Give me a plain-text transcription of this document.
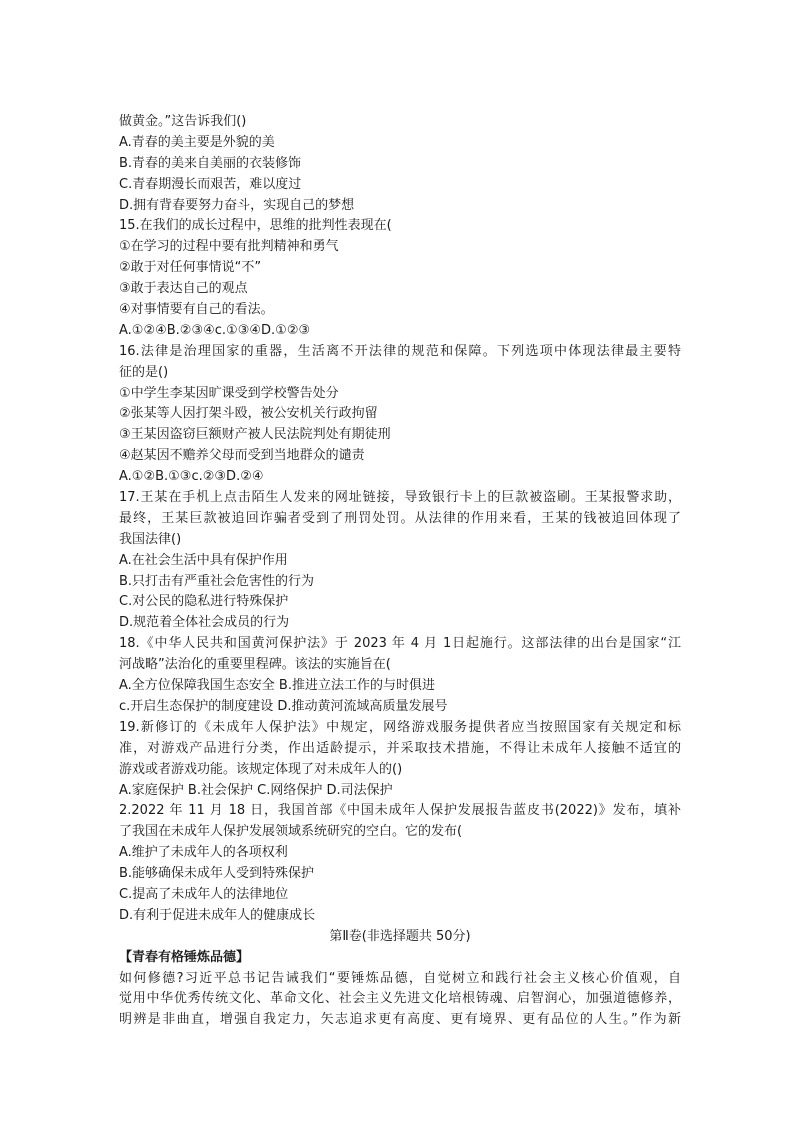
做黄金。”这告诉我们()
A.青春的美主要是外貌的美
B.青春的美来自美丽的衣装修饰
C.青春期漫长而艰苦，难以度过
D.拥有背春要努力奋斗，实现自己的梦想
15.在我们的成长过程中，思维的批判性表现在(
①在学习的过程中要有批判精神和勇气
②敢于对任何事情说“不”
③敢于表达自己的观点
④对事情要有自己的看法。
A.①②④B.②③④c.①③④D.①②③
16.法律是治理国家的重器，生活离不开法律的规范和保障。下列选项中体现法律最主要特
征的是()
①中学生李某因旷课受到学校警告处分
②张某等人因打架斗殴，被公安机关行政拘留
③王某因盗窃巨额财产被人民法院判处有期徒刑
④赵某因不赡养父母而受到当地群众的谴责
A.①②B.①③c.②③D.②④
17.王某在手机上点击陌生人发来的网址链接，导致银行卡上的巨款被盗刷。王某报警求助，
最终，王某巨款被追回诈骗者受到了刑罚处罚。从法律的作用来看，王某的钱被追回体现了
我国法律()
A.在社会生活中具有保护作用
B.只打击有严重社会危害性的行为
C.对公民的隐私进行特殊保护
D.规范着全体社会成员的行为
18.《中华人民共和国黄河保护法》于 2023 年 4 月 1日起施行。这部法律的出台是国家“江
河战略”法治化的重要里程碑。该法的实施旨在(
A.全方位保障我国生态安全 B.推进立法工作的与时俱进
c.开启生态保护的制度建设 D.推动黄河流域高质量发展号
19.新修订的《未成年人保护法》中规定，网络游戏服务提供者应当按照国家有关规定和标
准，对游戏产品进行分类，作出适龄提示，并采取技术措施，不得让未成年人接触不适宜的
游戏或者游戏功能。该规定体现了对未成年人的()
A.家庭保护 B.社会保护 C.网络保护 D.司法保护
2.2022 年 11 月 18 日，我国首部《中国未成年人保护发展报告蓝皮书(2022)》发布，填补
了我国在未成年人保护发展领域系统研究的空白。它的发布(
A.维护了未成年人的各项权利
B.能够确保未成年人受到特殊保护
C.提高了未成年人的法律地位
D.有利于促进未成年人的健康成长
第Ⅱ卷(非选择题共 50分)
【青春有格锤炼品德】
如何修德?习近平总书记告诫我们“要锤炼品德，自觉树立和践行社会主义核心价值观，自
觉用中华优秀传统文化、革命文化、社会主义先进文化培根铸魂、启智润心，加强道德修养，
明辨是非曲直，增强自我定力，矢志追求更有高度、更有境界、更有品位的人生。”作为新
